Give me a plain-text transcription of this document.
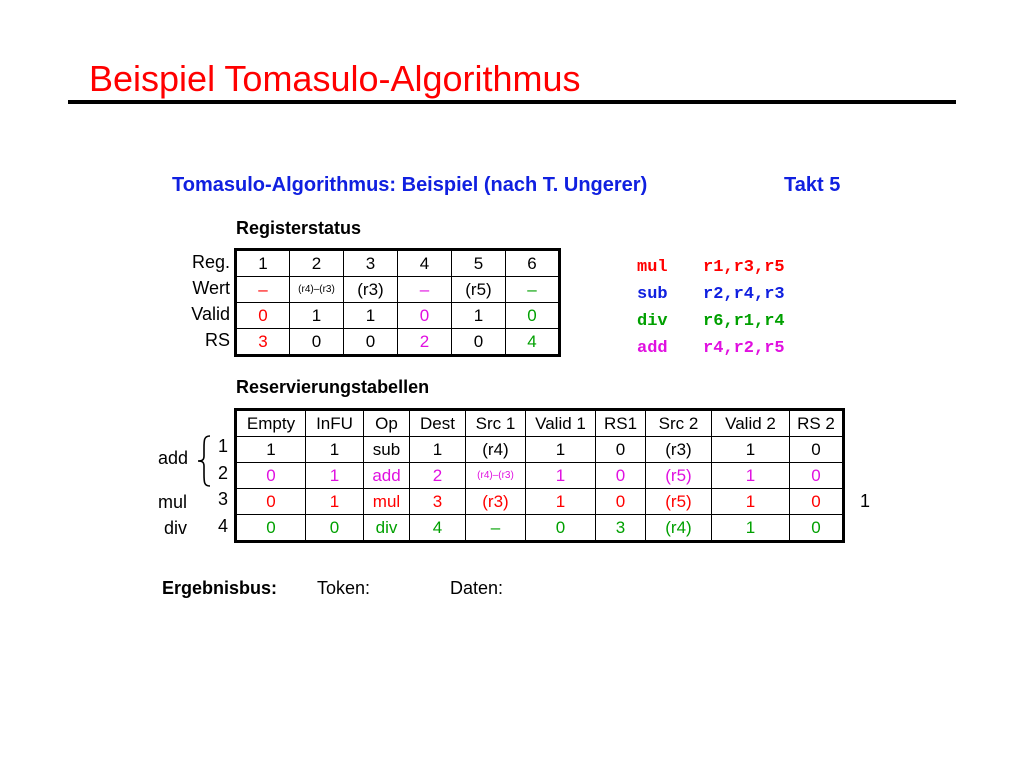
Beispiel Tomasulo-Algorithmus
Tomasulo-Algorithmus: Beispiel (nach T. Ungerer)	Takt 5
Registerstatus
Reg.
Wert
Valid
RS
1	2	3	4	5	6
–	(r4)–(r3)	(r3)	–	(r5)	–
0	1	1	0	1	0
3	0	0	2	0	4
mul r1,r3,r5
sub r2,r4,r3
div r6,r1,r4
add r4,r2,r5
Reservierungstabellen
add
mul
div
1
2
3
4
Empty	InFU	Op	Dest	Src 1	Valid 1	RS1	Src 2	Valid 2	RS 2
1	1	sub	1	(r4)	1	0	(r3)	1	0
0	1	add	2	(r4)–(r3)	1	0	(r5)	1	0
0	1	mul	3	(r3)	1	0	(r5)	1	0
0	0	div	4	–	0	3	(r4)	1	0
1
Ergebnisbus: Token:	Daten:
